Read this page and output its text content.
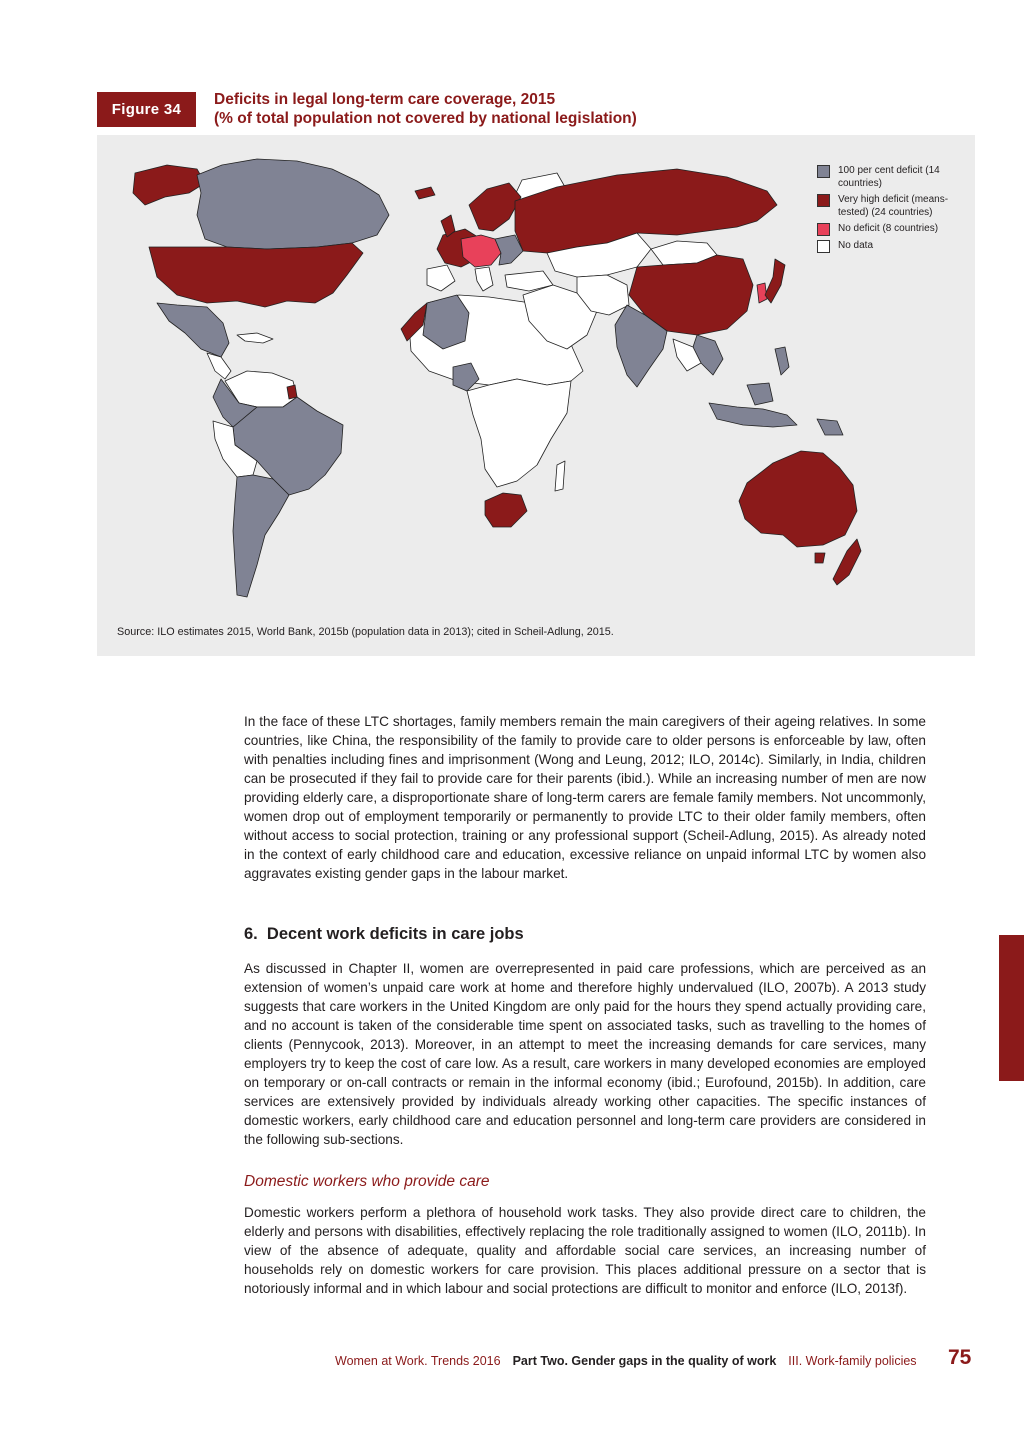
Figure 34
Deficits in legal long-term care coverage, 2015
(% of total population not covered by national legislation)
100 per cent deficit (14 countries)
Very high deficit (means-tested) (24 countries)
No deficit (8 countries)
No data
Source: ILO estimates 2015, World Bank, 2015b (population data in 2013); cited in Scheil-Adlung, 2015.

In the face of these LTC shortages, family members remain the main caregivers of their ageing relatives. In some countries, like China, the responsibility of the family to provide care to older persons is enforceable by law, often with penalties including fines and imprisonment (Wong and Leung, 2012; ILO, 2014c). Similarly, in India, children can be prosecuted if they fail to provide care for their parents (ibid.). While an increasing number of men are now providing elderly care, a disproportionate share of long-term carers are female family members. Not uncommonly, women drop out of employment temporarily or permanently to provide LTC to their older family members, often without access to social protection, training or any professional support (Scheil-Adlung, 2015). As already noted in the context of early childhood care and education, excessive reliance on unpaid informal LTC by women also aggravates existing gender gaps in the labour market.

6.  Decent work deficits in care jobs

As discussed in Chapter II, women are overrepresented in paid care professions, which are perceived as an extension of women’s unpaid care work at home and therefore highly undervalued (ILO, 2007b). A 2013 study suggests that care workers in the United Kingdom are only paid for the hours they spend actually providing care, and no account is taken of the considerable time spent on associated tasks, such as travelling to the homes of clients (Pennycook, 2013). Moreover, in an attempt to meet the increasing demands for care services, many employers try to keep the cost of care low. As a result, care workers in many developed economies are employed on temporary or on-call contracts or remain in the informal economy (ibid.; Eurofound, 2015b). In addition, care services are extensively provided by individuals already working other capacities. The specific instances of domestic workers, early childhood care and education personnel and long-term care providers are considered in the following sub-sections.

Domestic workers who provide care

Domestic workers perform a plethora of household work tasks. They also provide direct care to children, the elderly and persons with disabilities, effectively replacing the role traditionally assigned to women (ILO, 2011b). In view of the absence of adequate, quality and affordable social care services, an increasing number of households rely on domestic workers for care provision. This places additional pressure on a sector that is notoriously informal and in which labour and social protections are difficult to monitor and enforce (ILO, 2013f).

Women at Work. Trends 2016 Part Two. Gender gaps in the quality of work III. Work-family policies 75
